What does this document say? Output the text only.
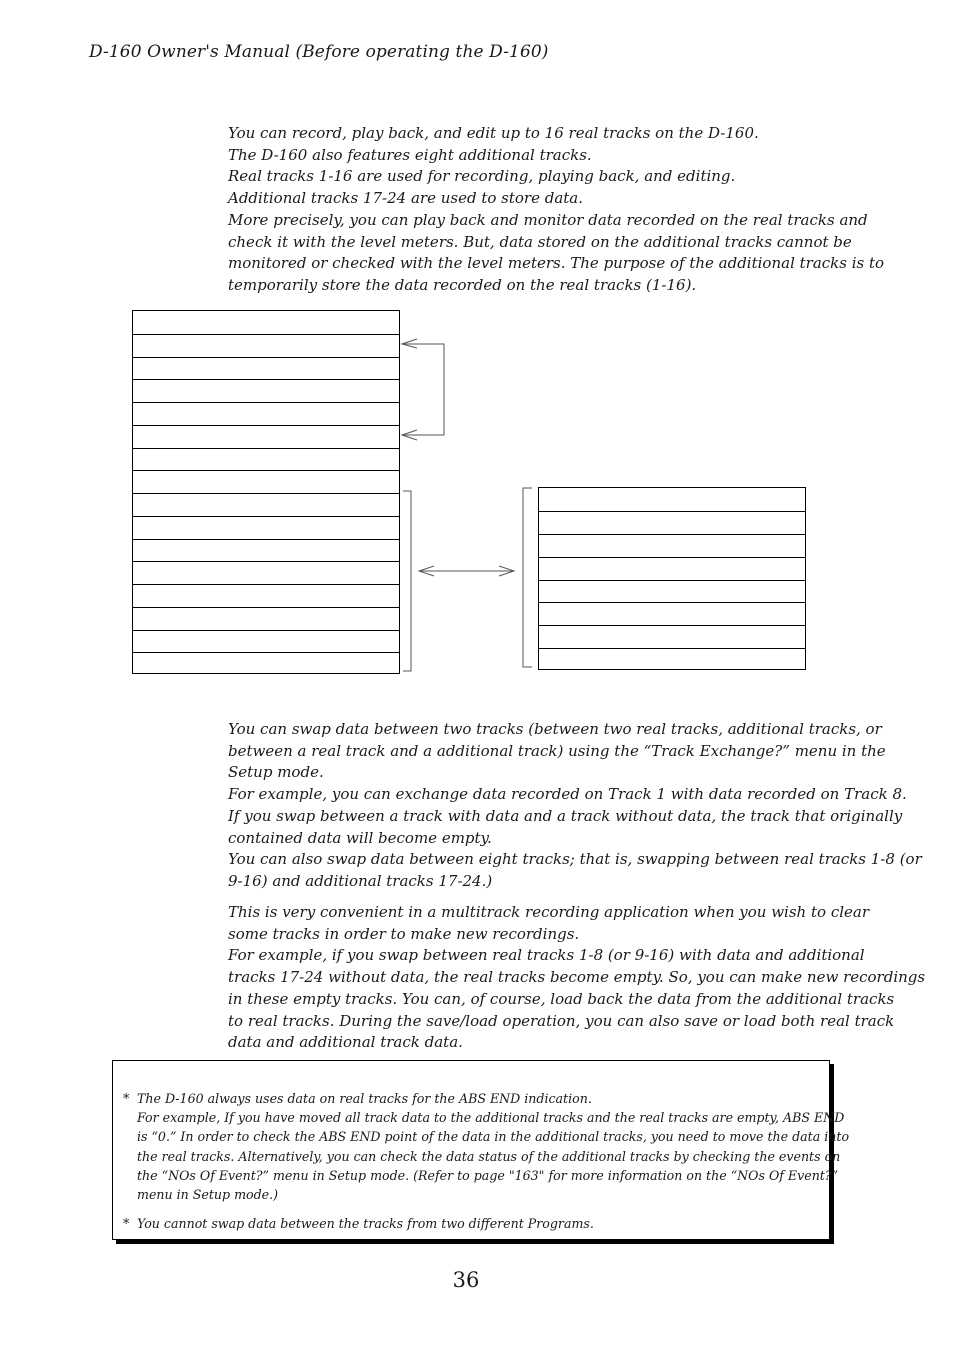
D-160 Owner's Manual (Before operating the D-160)
You can record, play back, and edit up to 16 real tracks on the D-160.
The D-160 also features eight additional tracks.
Real tracks 1-16 are used for recording, playing back, and editing.
Additional tracks 17-24 are used to store data.
More precisely, you can play back and monitor data recorded on the real tracks and
check it with the level meters. But, data stored on the additional tracks cannot be
monitored or checked with the level meters. The purpose of the additional tracks is to
temporarily store the data recorded on the real tracks (1-16).
You can swap data between two tracks (between two real tracks, additional tracks, or
between a real track and a additional track) using the “Track Exchange?” menu in the
Setup mode.
For example, you can exchange data recorded on Track 1 with data recorded on Track 8.
If you swap between a track with data and a track without data, the track that originally
contained data will become empty.
You can also swap data between eight tracks; that is, swapping between real tracks 1-8 (or
9-16) and additional tracks 17-24.)
This is very convenient in a multitrack recording application when you wish to clear
some tracks in order to make new recordings.
For example, if you swap between real tracks 1-8 (or 9-16) with data and additional
tracks 17-24 without data, the real tracks become empty. So, you can make new recordings
in these empty tracks. You can, of course, load back the data from the additional tracks
to real tracks. During the save/load operation, you can also save or load both real track
data and additional track data.
* The D-160 always uses data on real tracks for the ABS END indication.
For example, If you have moved all track data to the additional tracks and the real tracks are empty, ABS END
is “0.” In order to check the ABS END point of the data in the additional tracks, you need to move the data into
the real tracks. Alternatively, you can check the data status of the additional tracks by checking the events on
the “NOs Of Event?” menu in Setup mode. (Refer to page "163" for more information on the “NOs Of Event?”
menu in Setup mode.)
* You cannot swap data between the tracks from two different Programs.
36
